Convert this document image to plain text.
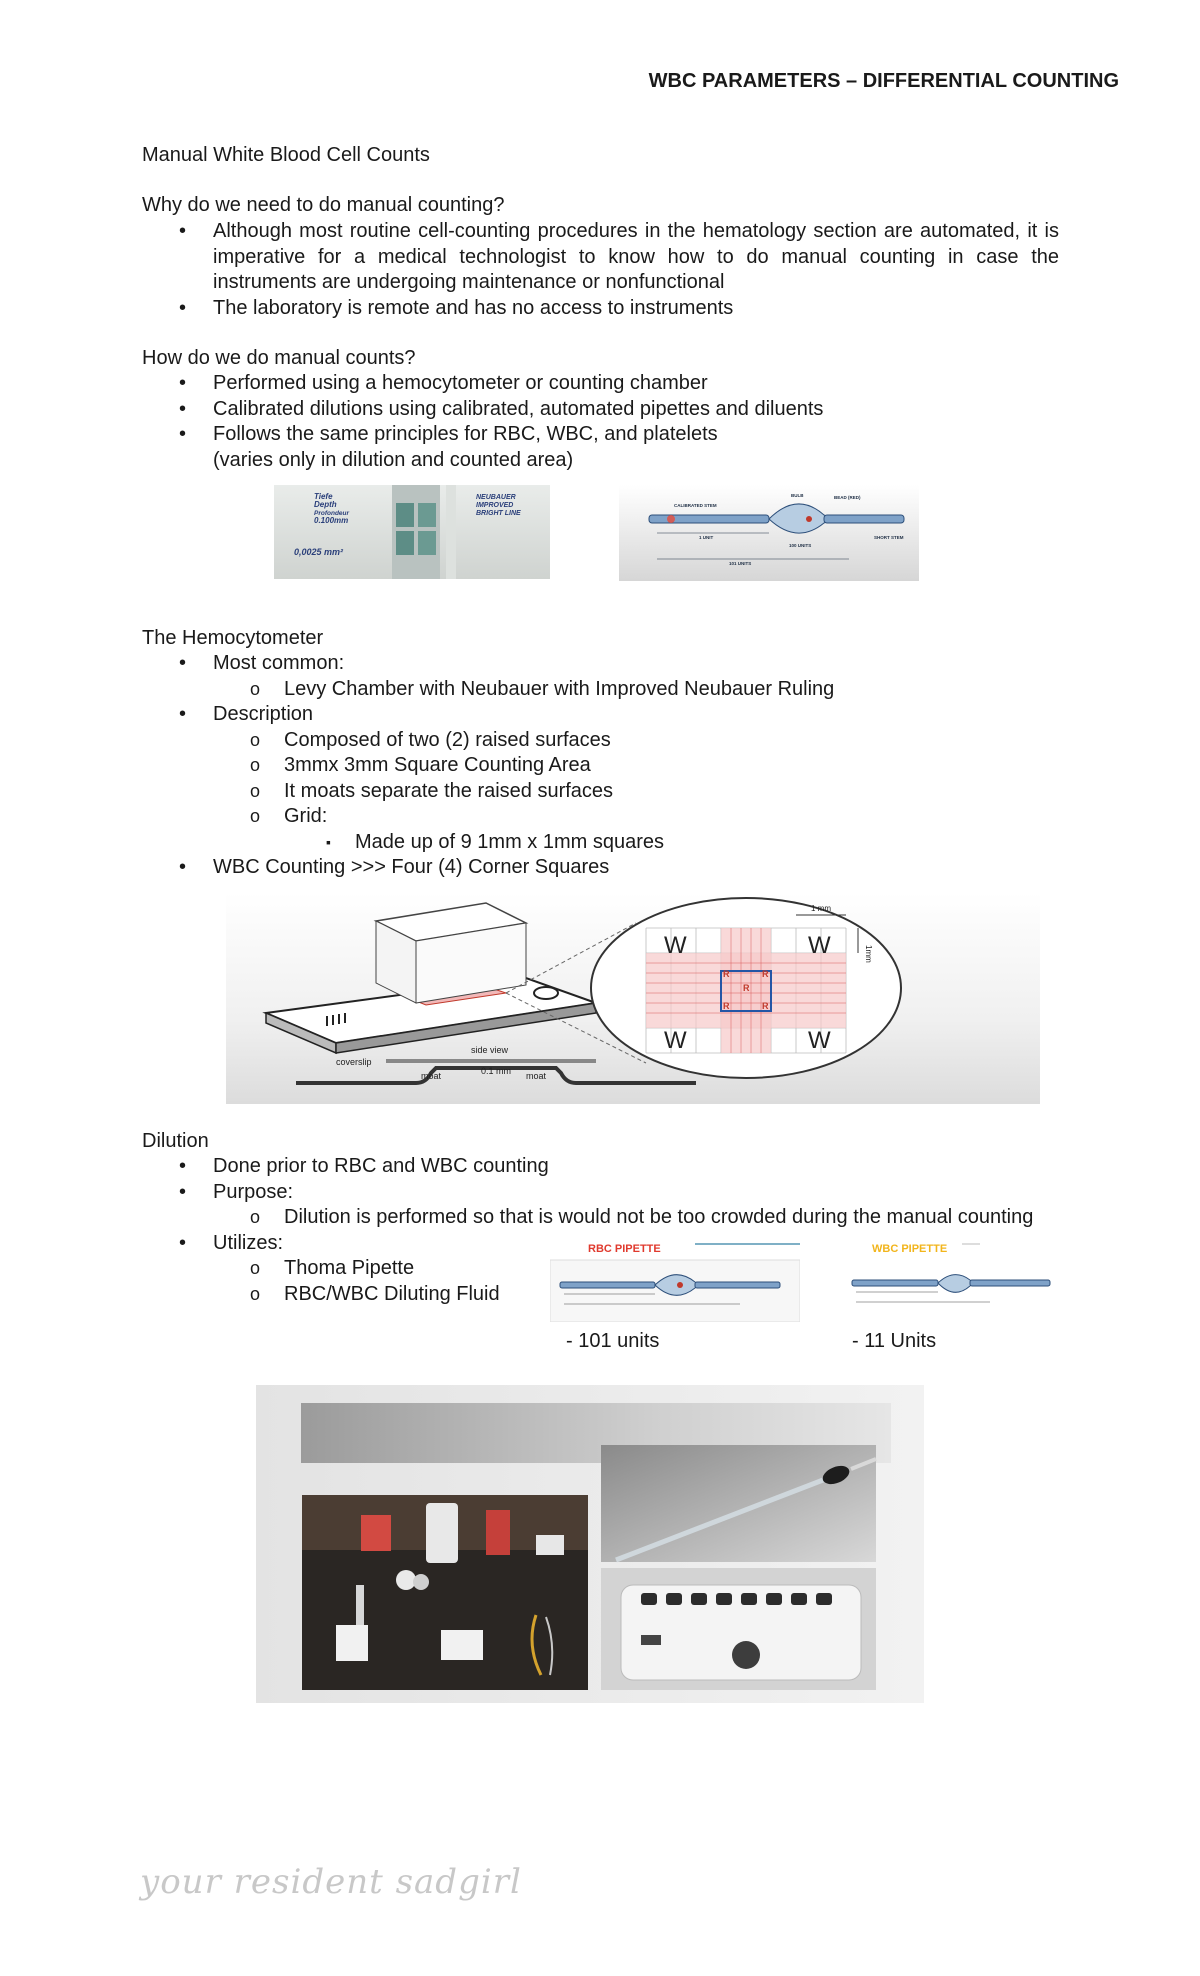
WBC PARAMETERS – DIFFERENTIAL COUNTING
Manual White Blood Cell Counts
Why do we need to do manual counting?
• Although most routine cell-counting procedures in the hematology section are automated, it is imperative for a medical technologist to know how to do manual counting in case the instruments are undergoing maintenance or nonfunctional
• The laboratory is remote and has no access to instruments
How do we do manual counts?
• Performed using a hemocytometer or counting chamber
• Calibrated dilutions using calibrated, automated pipettes and diluents
• Follows the same principles for RBC, WBC, and platelets
(varies only in dilution and counted area)
Tiefe
Depth
Profondeur
0.100mm
0,0025 mm²
NEUBAUER
IMPROVED
BRIGHT LINE
CALIBRATED STEM
BULB	BEAD (RED)
SHORT STEM
1 UNIT
100 UNITS
101 UNITS
The Hemocytometer
• Most common:
o Levy Chamber with Neubauer with Improved Neubauer Ruling
• Description
o Composed of two (2) raised surfaces
o 3mmx 3mm Square Counting Area
o It moats separate the raised surfaces
o Grid:
▪ Made up of 9 1mm x 1mm squares
• WBC Counting >>> Four (4) Corner Squares
side view
coverslip
moat	0.1 mm moat
W	W
W	W
R	R
R
R	R
1 mm
1mm
Dilution
• Done prior to RBC and WBC counting
• Purpose:
o Dilution is performed so that is would not be too crowded during the manual counting
• Utilizes:
o Thoma Pipette
o RBC/WBC Diluting Fluid
RBC PIPETTE	WBC PIPETTE
- 101 units	- 11 Units
your resident sadgirl
